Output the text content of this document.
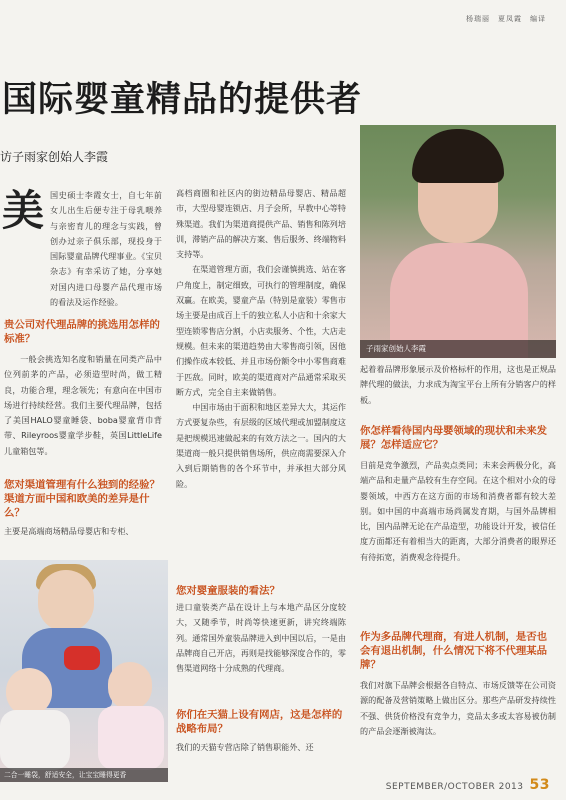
杨瑞丽　夏凤霞　编译
国际婴童精品的提供者
访子雨家创始人李霞
美 国史硕士李霞女士，自七年前女儿出生后便专注于母乳喂养与亲密育儿的理念与实践，曾创办过亲子俱乐部，现投身于国际婴童品牌代理事业。《宝贝杂志》有幸采访了她，分享她对国内进口母婴产品代理市场的看法及运作经验。

贵公司对代理品牌的挑选用怎样的标准？

一般会挑选知名度和销量在同类产品中位列前茅的产品，必须造型时尚，做工精良，功能合理，理念领先；有意向在中国市场进行持续经营。我们主要代理品牌，包括了美国HALO婴童睡袋、boba婴童背巾背带、Rileyroos婴童学步鞋，英国LittleLife儿童箱包等。

您对渠道管理有什么独到的经验？渠道方面中国和欧美的差异是什么？

主要是高端商场精品母婴店和专柜、

二合一睡袋，舒适安全，让宝宝睡得更香

高档商圈和社区内的街边精品母婴店、精品超市，大型母婴连锁店、月子会所，早教中心等特殊渠道。我们为渠道商提供产品、销售和陈列培训，滞销产品的解决方案、售后服务、终端物料支持等。

在渠道管理方面，我们会谨慎挑选、站在客户角度上，制定细致，可执行的管理制度，确保双赢。在欧美，婴童产品（特别是童装）零售市场主要是由成百上千的独立私人小店和十余家大型连锁零售店分割，小店卖服务、个性，大店走规模。但未来的渠道趋势由大零售商引领，因他们操作成本较低、并且市场份额令中小零售商难于匹敌。同时，欧美的渠道商对产品通常采取买断方式，完全自主来做销售。

中国市场由于面积和地区差异大大，其运作方式要复杂些，有层级的区域代理或加盟制度这是把规模迅速做起来的有效方法之一。国内的大渠道商一般只提供销售场所，供应商需要深入介入到后期销售的各个环节中，并承担大部分风险。

您对婴童服装的看法？

进口童装类产品在设计上与本地产品区分度较大，又随季节，时尚等快速更新，讲究终端陈列。通常国外童装品牌进入到中国以后，一是由品牌商自己开店，再则是找能够深度合作的，零售渠道网络十分成熟的代理商。

你们在天猫上设有网店，这是怎样的战略布局？

我们的天猫专营店除了销售职能外、还

子雨家创始人李霞

起着着品牌形象展示及价格标杆的作用，这也是正规品牌代理的做法，力求成为淘宝平台上所有分销客户的样板。

你怎样看待国内母婴领域的现状和未来发展？怎样适应它？

目前是竞争激烈，产品卖点类同；未来会两极分化，高端产品和走量产品较有生存空间。在这个相对小众的母婴领域，中西方在这方面的市场和消费者都有较大差别。如中国的中高端市场尚属发育期，与国外品牌相比，国内品牌无论在产品造型，功能设计开发，被信任度方面都还有着相当大的距离，大部分消费者的眼界还有待拓宽，消费观念待提升。

作为多品牌代理商，有进人机制，是否也会有退出机制，什么情况下将不代理某品牌？

我们对旗下品牌会根据各自特点、市场反馈等在公司资源的配备及营销策略上做出区分。那些产品研发持续性不强、供货价格没有竞争力，竞品太多或太容易被仿制的产品会逐渐被淘汰。

SEPTEMBER/OCTOBER 2013 53
